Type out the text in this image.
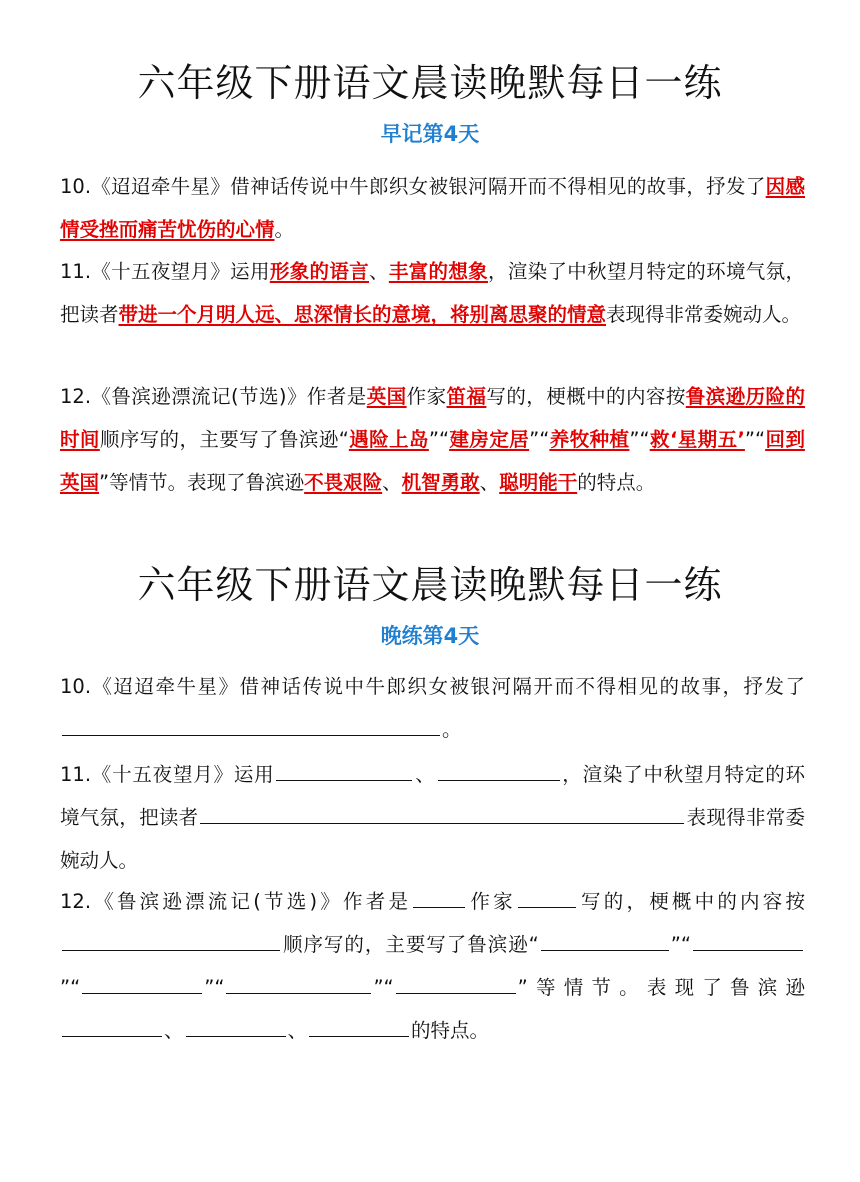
六年级下册语文晨读晚默每日一练
早记第4天
10.《迢迢牵牛星》借神话传说中牛郎织女被银河隔开而不得相见的故事，抒发了因感情受挫而痛苦忧伤的心情。
11.《十五夜望月》运用形象的语言、丰富的想象，渲染了中秋望月特定的环境气氛，把读者带进一个月明人远、思深情长的意境，将别离思聚的情意表现得非常委婉动人。
12.《鲁滨逊漂流记(节选)》作者是英国作家笛福写的，梗概中的内容按鲁滨逊历险的时间顺序写的，主要写了鲁滨逊“遇险上岛”“建房定居”“养牧种植”“救‘星期五’”“回到英国”等情节。表现了鲁滨逊不畏艰险、机智勇敢、聪明能干的特点。
六年级下册语文晨读晚默每日一练
晚练第4天
10.《迢迢牵牛星》借神话传说中牛郎织女被银河隔开而不得相见的故事，抒发了。
11.《十五夜望月》运用	、	，渲染了中秋望月特定的环境气氛，把读者	表现得非常委婉动人。
12.《鲁滨逊漂流记(节选)》作者是	作家	写的，梗概中的内容按顺序写的，主要写了鲁滨逊“	”“”“	”“	”“	”等情节。表现了鲁滨逊、	、	的特点。
